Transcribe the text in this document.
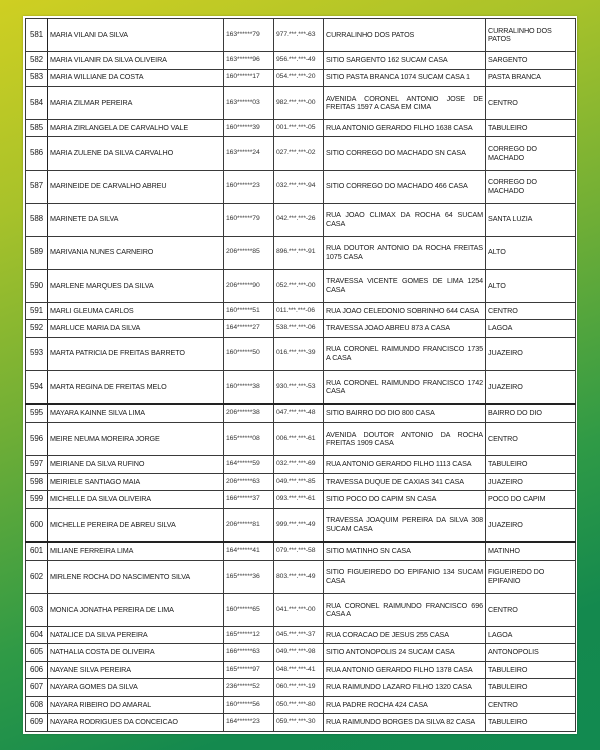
581	MARIA VILANI DA SILVA	163******79	977.***.***-63	CURRALINHO DOS PATOS	CURRALINHO DOS PATOS
582	MARIA VILANIR DA SILVA OLIVEIRA	163******96	956.***.***-49	SITIO SARGENTO 162 SUCAM CASA	SARGENTO
583	MARIA WILLIANE DA COSTA	160******17	054.***.***-20	SITIO PASTA BRANCA 1074 SUCAM CASA 1	PASTA BRANCA
584	MARIA ZILMAR PEREIRA	163******03	982.***.***-00	AVENIDA CORONEL ANTONIO JOSE DE FREITAS 1597 A CASA EM CIMA	CENTRO
585	MARIA ZIRLANGELA DE CARVALHO VALE	160******39	001.***.***-05	RUA ANTONIO GERARDO FILHO 1638 CASA	TABULEIRO
586	MARIA ZULENE DA SILVA CARVALHO	163******24	027.***.***-02	SITIO CORREGO DO MACHADO SN CASA	CORREGO DO MACHADO
587	MARINEIDE DE CARVALHO ABREU	160******23	032.***.***-94	SITIO CORREGO DO MACHADO 466 CASA	CORREGO DO MACHADO
588	MARINETE DA SILVA	160******79	042.***.***-26	RUA JOAO CLIMAX DA ROCHA 64 SUCAM CASA	SANTA LUZIA
589	MARIVANIA NUNES CARNEIRO	206******85	896.***.***-91	RUA DOUTOR ANTONIO DA ROCHA FREITAS 1075 CASA	ALTO
590	MARLENE MARQUES DA SILVA	206******90	052.***.***-00	TRAVESSA VICENTE GOMES DE LIMA 1254 CASA	ALTO
591	MARLI GLEUMA CARLOS	160******51	011.***.***-06	RUA JOAO CELEDONIO SOBRINHO 644 CASA	CENTRO
592	MARLUCE MARIA DA SILVA	164******27	538.***.***-06	TRAVESSA JOAO ABREU 873 A CASA	LAGOA
593	MARTA PATRICIA DE FREITAS BARRETO	160******50	016.***.***-39	RUA CORONEL RAIMUNDO FRANCISCO 1735 A CASA	JUAZEIRO
594	MARTA REGINA DE FREITAS MELO	160******38	930.***.***-53	RUA CORONEL RAIMUNDO FRANCISCO 1742 CASA	JUAZEIRO
595	MAYARA KAINNE SILVA LIMA	206******38	047.***.***-48	SITIO BAIRRO DO DIO 800 CASA	BAIRRO DO DIO
596	MEIRE NEUMA MOREIRA JORGE	165******08	006.***.***-61	AVENIDA DOUTOR ANTONIO DA ROCHA FREITAS 1909 CASA	CENTRO
597	MEIRIANE DA SILVA RUFINO	164******59	032.***.***-69	RUA ANTONIO GERARDO FILHO 1113 CASA	TABULEIRO
598	MEIRIELE SANTIAGO MAIA	206******63	049.***.***-85	TRAVESSA DUQUE DE CAXIAS 341 CASA	JUAZEIRO
599	MICHELLE DA SILVA OLIVEIRA	166******37	093.***.***-61	SITIO POCO DO CAPIM SN CASA	POCO DO CAPIM
600	MICHELLE PEREIRA DE ABREU SILVA	206******81	999.***.***-49	TRAVESSA JOAQUIM PEREIRA DA SILVA 308 SUCAM CASA	JUAZEIRO
601	MILIANE FERREIRA LIMA	164******41	079.***.***-58	SITIO MATINHO SN CASA	MATINHO
602	MIRLENE ROCHA DO NASCIMENTO SILVA	165******36	803.***.***-49	SITIO FIGUEIREDO DO EPIFANIO 134 SUCAM CASA	FIGUEIREDO DO EPIFANIO
603	MONICA JONATHA PEREIRA DE LIMA	160******65	041.***.***-00	RUA CORONEL RAIMUNDO FRANCISCO 696 CASA A	CENTRO
604	NATALICE DA SILVA PEREIRA	165******12	045.***.***-37	RUA CORACAO DE JESUS 255 CASA	LAGOA
605	NATHALIA COSTA DE OLIVEIRA	166******63	049.***.***-98	SITIO ANTONOPOLIS 24 SUCAM CASA	ANTONOPOLIS
606	NAYANE SILVA PEREIRA	165******97	048.***.***-41	RUA ANTONIO GERARDO FILHO 1378 CASA	TABULEIRO
607	NAYARA GOMES DA SILVA	236******52	060.***.***-19	RUA RAIMUNDO LAZARO FILHO 1320 CASA	TABULEIRO
608	NAYARA RIBEIRO DO AMARAL	160******56	050.***.***-80	RUA PADRE ROCHA 424 CASA	CENTRO
609	NAYARA RODRIGUES DA CONCEICAO	164******23	059.***.***-30	RUA RAIMUNDO BORGES DA SILVA 82 CASA	TABULEIRO
